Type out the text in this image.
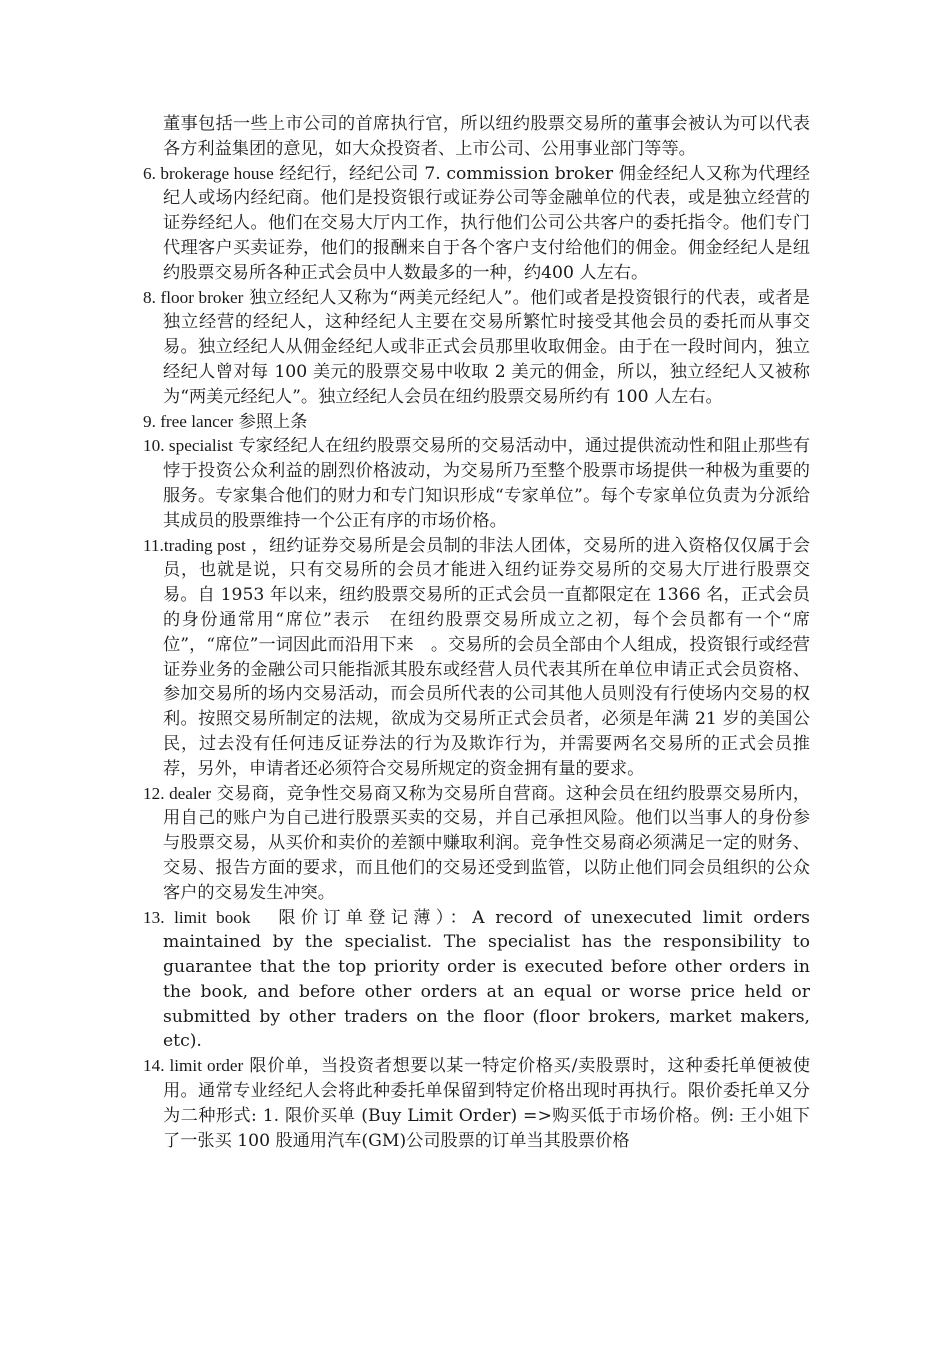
董事包括一些上市公司的首席执行官，所以纽约股票交易所的董事会被认为可以代表各方利益集团的意见，如大众投资者、上市公司、公用事业部门等等。

6. brokerage house 经纪行，经纪公司 7. commission broker 佣金经纪人又称为代理经纪人或场内经纪商。他们是投资银行或证券公司等金融单位的代表，或是独立经营的证券经纪人。他们在交易大厅内工作，执行他们公司公共客户的委托指令。他们专门代理客户买卖证券，他们的报酬来自于各个客户支付给他们的佣金。佣金经纪人是纽约股票交易所各种正式会员中人数最多的一种，约400 人左右。

8. floor broker 独立经纪人又称为“两美元经纪人”。他们或者是投资银行的代表，或者是独立经营的经纪人，这种经纪人主要在交易所繁忙时接受其他会员的委托而从事交易。独立经纪人从佣金经纪人或非正式会员那里收取佣金。由于在一段时间内，独立经纪人曾对每 100 美元的股票交易中收取 2 美元的佣金，所以，独立经纪人又被称为“两美元经纪人”。独立经纪人会员在纽约股票交易所约有 100 人左右。

9. free lancer 参照上条

10. specialist 专家经纪人在纽约股票交易所的交易活动中，通过提供流动性和阻止那些有悖于投资公众利益的剧烈价格波动，为交易所乃至整个股票市场提供一种极为重要的服务。专家集合他们的财力和专门知识形成“专家单位”。每个专家单位负责为分派给其成员的股票维持一个公正有序的市场价格。

11.trading post ，纽约证券交易所是会员制的非法人团体，交易所的进入资格仅仅属于会员，也就是说，只有交易所的会员才能进入纽约证券交易所的交易大厅进行股票交易。自 1953 年以来，纽约股票交易所的正式会员一直都限定在 1366 名，正式会员的身份通常用“席位”表示　在纽约股票交易所成立之初，每个会员都有一个“席位”，“席位”一词因此而沿用下来　。交易所的会员全部由个人组成，投资银行或经营证券业务的金融公司只能指派其股东或经营人员代表其所在单位申请正式会员资格、参加交易所的场内交易活动，而会员所代表的公司其他人员则没有行使场内交易的权利。按照交易所制定的法规，欲成为交易所正式会员者，必须是年满 21 岁的美国公民，过去没有任何违反证券法的行为及欺诈行为，并需要两名交易所的正式会员推荐，另外，申请者还必须符合交易所规定的资金拥有量的要求。

12. dealer 交易商，竞争性交易商又称为交易所自营商。这种会员在纽约股票交易所内，用自己的账户为自己进行股票买卖的交易，并自己承担风险。他们以当事人的身份参与股票交易，从买价和卖价的差额中赚取利润。竞争性交易商必须满足一定的财务、交易、报告方面的要求，而且他们的交易还受到监管，以防止他们同会员组织的公众客户的交易发生冲突。

13. limit book　限价订单登记薄）：A record of unexecuted limit orders maintained by the specialist. The specialist has the responsibility to guarantee that the top priority order is executed before other orders in the book, and before other orders at an equal or worse price held or submitted by other traders on the floor (floor brokers, market makers, etc).

14. limit order 限价单，当投资者想要以某一特定价格买/卖股票时，这种委托单便被使用。通常专业经纪人会将此种委托单保留到特定价格出现时再执行。限价委托单又分为二种形式: 1. 限价买单 (Buy Limit Order) =>购买低于市场价格。例: 王小姐下了一张买 100 股通用汽车(GM)公司股票的订单当其股票价格
